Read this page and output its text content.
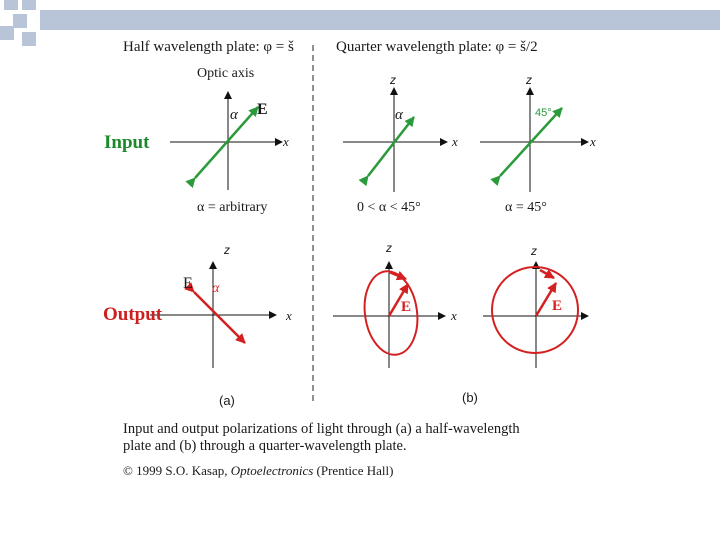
Half wavelength plate: φ = š	Quarter wavelength plate: φ = š/2
Optic axis
Input
α E
x
z
α
x
z
45°
x
α = arbitrary	0 < α < 45°	α = 45°
z	z	z
Output
E α
x
E
x
E
(a)	(b)
Input and output polarizations of light through (a) a half-wavelength
plate and (b) through a quarter-wavelength plate.
© 1999 S.O. Kasap, Optoelectronics (Prentice Hall)
